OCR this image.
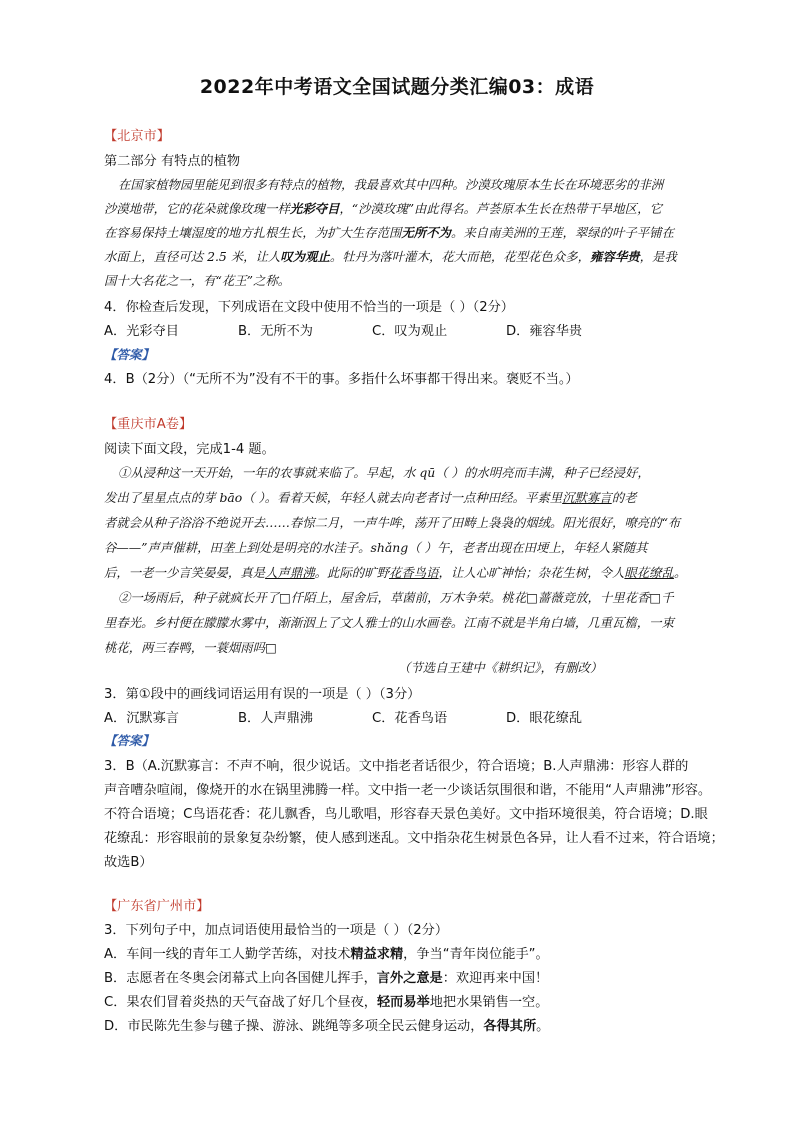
2022年中考语文全国试题分类汇编03：成语
【北京市】
第二部分 有特点的植物
在国家植物园里能见到很多有特点的植物，我最喜欢其中四种。沙漠玫瑰原本生长在环境恶劣的非洲
沙漠地带，它的花朵就像玫瑰一样光彩夺目，“沙漠玫瑰”由此得名。芦荟原本生长在热带干旱地区，它
在容易保持土壤湿度的地方扎根生长，为扩大生存范围无所不为。来自南美洲的王莲，翠绿的叶子平铺在
水面上，直径可达 2.5 米，让人叹为观止。牡丹为落叶灌木，花大而艳，花型花色众多，雍容华贵，是我
国十大名花之一，有“花王”之称。
4．你检查后发现，下列成语在文段中使用不恰当的一项是（ ）（2分）
A．光彩夺目	B．无所不为	C．叹为观止	D．雍容华贵
【答案】
4．B（2分）（“无所不为”没有不干的事。多指什么坏事都干得出来。褒贬不当。）
【重庆市A卷】
阅读下面文段，完成1-4 题。
①从浸种这一天开始，一年的农事就来临了。早起，水 qū（ ）的水明亮而丰满，种子已经浸好，
发出了星星点点的芽 bāo（ ）。看着天候，年轻人就去向老者讨一点种田经。平素里沉默寡言的老
者就会从种子浴浴不绝说开去……春惊二月，一声牛哞，荡开了田畴上袅袅的烟绒。阳光很好，嘹亮的“布
谷——”声声催耕，田垄上到处是明亮的水洼子。shǎng（ ）午，老者出现在田埂上，年轻人紧随其
后，一老一少言笑晏晏，真是人声鼎沸。此际的旷野花香鸟语，让人心旷神怡；杂花生树，令人眼花缭乱。
②一场雨后，种子就疯长开了□仟陌上，屋舍后，草菌前，万木争荣。桃花□蔷薇竞放，十里花香□千
里春光。乡村便在朦朦水雾中，渐渐洇上了文人雅士的山水画卷。江南不就是半角白墙，几重瓦檐，一束
桃花，两三春鸭，一蓑烟雨吗□
（节选自王建中《耕织记》，有删改）
3．第①段中的画线词语运用有误的一项是（ ）（3分）
A．沉默寡言	B．人声鼎沸	C．花香鸟语	D．眼花缭乱
【答案】
3．B（A.沉默寡言：不声不响，很少说话。文中指老者话很少，符合语境；B.人声鼎沸：形容人群的
声音嘈杂喧闹，像烧开的水在锅里沸腾一样。文中指一老一少谈话氛围很和谐，不能用“人声鼎沸”形容。
不符合语境；C鸟语花香：花儿飘香，鸟儿歌唱，形容春天景色美好。文中指环境很美，符合语境；D.眼
花缭乱：形容眼前的景象复杂纷繁，使人感到迷乱。文中指杂花生树景色各异，让人看不过来，符合语境；
故选B）
【广东省广州市】
3．下列句子中，加点词语使用最恰当的一项是（ ）（2分）
A．车间一线的青年工人勤学苦练，对技术精益求精，争当“青年岗位能手”。
B．志愿者在冬奥会闭幕式上向各国健儿挥手，言外之意是：欢迎再来中国！
C．果农们冒着炎热的天气奋战了好几个昼夜，轻而易举地把水果销售一空。
D．市民陈先生参与毽子操、游泳、跳绳等多项全民云健身运动，各得其所。
